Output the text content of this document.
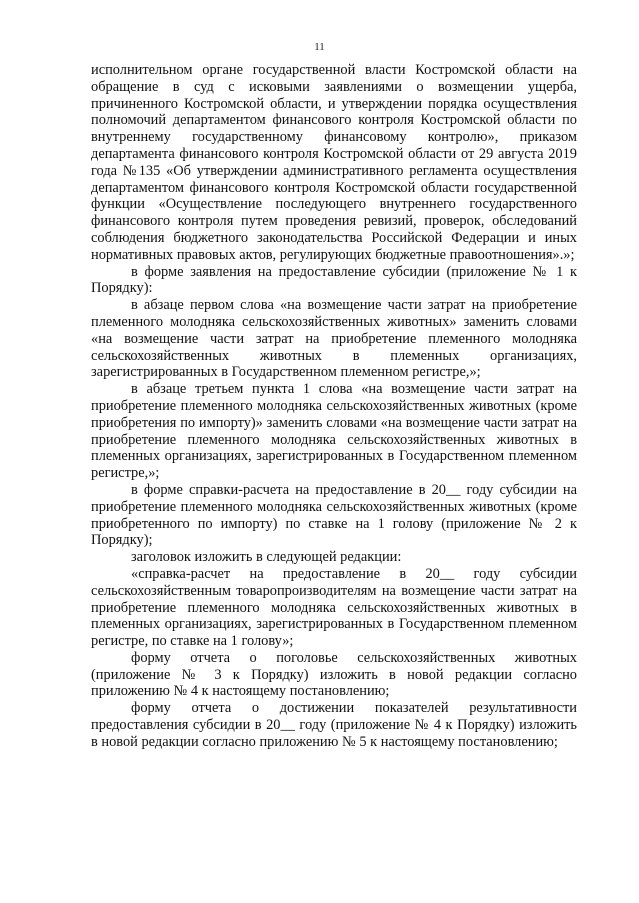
11

исполнительном органе государственной власти Костромской области на обращение в суд с исковыми заявлениями о возмещении ущерба, причиненного Костромской области, и утверждении порядка осуществления полномочий департаментом финансового контроля Костромской области по внутреннему государственному финансовому контролю», приказом департамента финансового контроля Костромской области от 29 августа 2019 года №135 «Об утверждении административного регламента осуществления департаментом финансового контроля Костромской области государственной функции «Осуществление последующего внутреннего государственного финансового контроля путем проведения ревизий, проверок, обследований соблюдения бюджетного законодательства Российской Федерации и иных нормативных правовых актов, регулирующих бюджетные правоотношения».»;

в форме заявления на предоставление субсидии (приложение № 1 к Порядку):

в абзаце первом слова «на возмещение части затрат на приобретение племенного молодняка сельскохозяйственных животных» заменить словами «на возмещение части затрат на приобретение племенного молодняка сельскохозяйственных животных в племенных организациях, зарегистрированных в Государственном племенном регистре,»;

в абзаце третьем пункта 1 слова «на возмещение части затрат на приобретение племенного молодняка сельскохозяйственных животных (кроме приобретения по импорту)» заменить словами «на возмещение части затрат на приобретение племенного молодняка сельскохозяйственных животных в племенных организациях, зарегистрированных в Государственном племенном регистре,»;

в форме справки-расчета на предоставление в 20__ году субсидии на приобретение племенного молодняка сельскохозяйственных животных (кроме приобретенного по импорту) по ставке на 1 голову (приложение № 2 к Порядку);

заголовок изложить в следующей редакции:

«справка-расчет на предоставление в 20__ году субсидии сельскохозяйственным товаропроизводителям на возмещение части затрат на приобретение племенного молодняка сельскохозяйственных животных в племенных организациях, зарегистрированных в Государственном племенном регистре, по ставке на 1 голову»;

форму отчета о поголовье сельскохозяйственных животных (приложение № 3 к Порядку) изложить в новой редакции согласно приложению № 4 к настоящему постановлению;

форму отчета о достижении показателей результативности предоставления субсидии в 20__ году (приложение № 4 к Порядку) изложить в новой редакции согласно приложению № 5 к настоящему постановлению;
